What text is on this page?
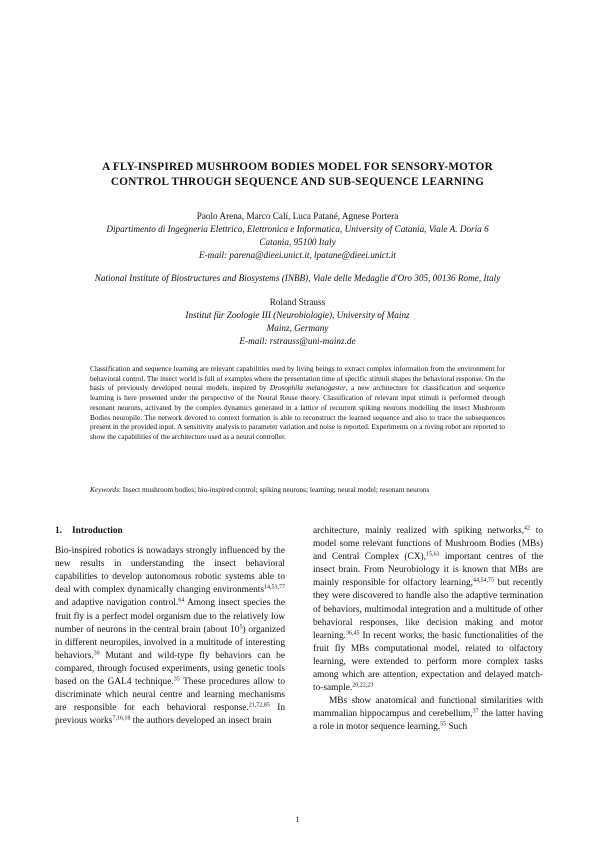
A FLY-INSPIRED MUSHROOM BODIES MODEL FOR SENSORY-MOTOR
CONTROL THROUGH SEQUENCE AND SUB-SEQUENCE LEARNING
Paolo Arena, Marco Calí, Luca Patané, Agnese Portera
Dipartimento di Ingegneria Elettrica, Elettronica e Informatica, University of Catania, Viale A. Doria 6
Catania, 95100 Italy
E-mail: parena@dieei.unict.it, lpatane@dieei.unict.it
National Institute of Biostructures and Biosystems (INBB), Viale delle Medaglie d'Oro 305, 00136 Rome, Italy
Roland Strauss
Institut für Zoologie III (Neurobiologie), University of Mainz
Mainz, Germany
E-mail: rstrauss@uni-mainz.de
Classification and sequence learning are relevant capabilities used by living beings to extract complex information from the environment for behavioral control. The insect world is full of examples where the presentation time of specific stimuli shapes the behavioral response. On the basis of previously developed neural models, inspired by Drosophila melanogaster, a new architecture for classification and sequence learning is here presented under the perspective of the Neural Reuse theory. Classification of relevant input stimuli is performed through resonant neurons, activated by the complex dynamics generated in a lattice of recurrent spiking neurons modelling the insect Mushroom Bodies neuropile. The network devoted to context formation is able to reconstruct the learned sequence and also to trace the subsequences present in the provided input. A sensitivity analysis to parameter variation and noise is reported. Experiments on a roving robot are reported to show the capabilities of the architecture used as a neural controller.
Keywords: Insect mushroom bodies; bio-inspired control; spiking neurons; learning; neural model; resonant neurons
1. Introduction

Bio-inspired robotics is nowadays strongly influenced by the new results in understanding the insect behavioral capabilities to develop autonomous robotic systems able to deal with complex dynamically changing environments$^{14,53,77}$ and adaptive navigation control.$^{64}$ Among insect species the fruit fly is a perfect model organism due to the relatively low number of neurons in the central brain (about $10^5$) organized in different neuropiles, involved in a multitude of interesting behaviors.$^{30}$ Mutant and wild-type fly behaviors can be compared, through focused experiments, using genetic tools based on the GAL4 technique.$^{35}$ These procedures allow to discriminate which neural centre and learning mechanisms are responsible for each behavioral response.$^{21,72,85}$ In previous works$^{7,16,18}$ the authors developed an insect brain

architecture, mainly realized with spiking networks,$^{42}$ to model some relevant functions of Mushroom Bodies (MBs) and Central Complex (CX),$^{15,63}$ important centres of the insect brain. From Neurobiology it is known that MBs are mainly responsible for olfactory learning,$^{44,54,75}$ but recently they were discovered to handle also the adaptive termination of behaviors, multimodal integration and a multitude of other behavioral responses, like decision making and motor learning.$^{36,45}$ In recent works, the basic functionalities of the fruit fly MBs computational model, related to olfactory learning, were extended to perform more complex tasks among which are attention, expectation and delayed match-to-sample.$^{20,22,23}$

MBs show anatomical and functional similarities with mammalian hippocampus and cerebellum,$^{37}$ the latter having a role in motor sequence learning.$^{55}$ Such

1
